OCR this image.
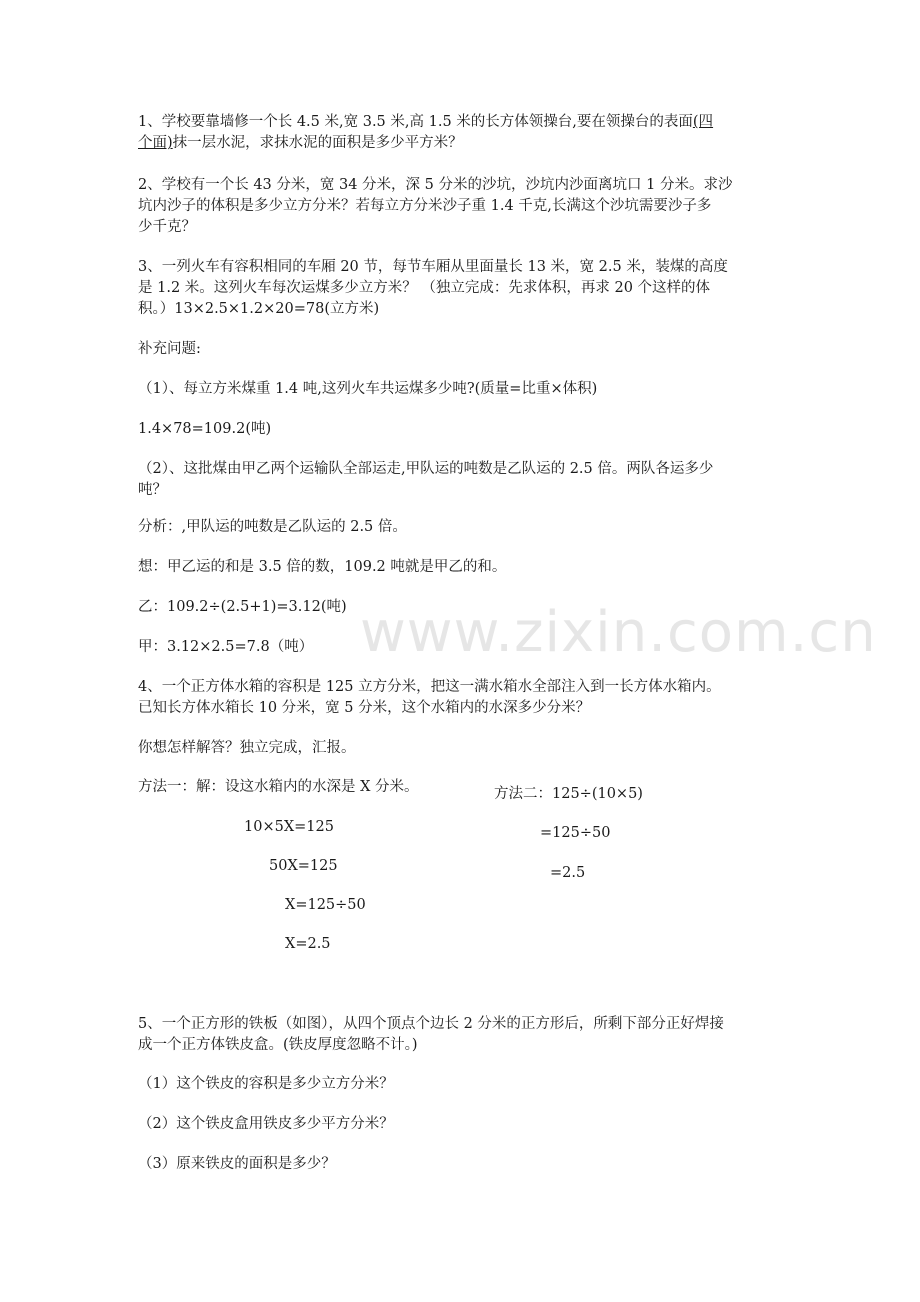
www.zixin.com.cn
1、学校要靠墙修一个长 4.5 米,宽 3.5 米,高 1.5 米的长方体领操台,要在领操台的表面(四
个面)抹一层水泥，求抹水泥的面积是多少平方米？
2、学校有一个长 43 分米，宽 34 分米，深 5 分米的沙坑，沙坑内沙面离坑口 1 分米。求沙
坑内沙子的体积是多少立方分米？若每立方分米沙子重 1.4 千克,长满这个沙坑需要沙子多
少千克？
3、一列火车有容积相同的车厢 20 节，每节车厢从里面量长 13 米，宽 2.5 米，装煤的高度
是 1.2 米。这列火车每次运煤多少立方米？ （独立完成：先求体积，再求 20 个这样的体
积。）13×2.5×1.2×20=78(立方米)
补充问题:
（1）、每立方米煤重 1.4 吨,这列火车共运煤多少吨?(质量=比重×体积)
1.4×78=109.2(吨)
（2）、这批煤由甲乙两个运输队全部运走,甲队运的吨数是乙队运的 2.5 倍。两队各运多少
吨？
分析：,甲队运的吨数是乙队运的 2.5 倍。
想：甲乙运的和是 3.5 倍的数，109.2 吨就是甲乙的和。
乙：109.2÷(2.5+1)=3.12(吨)
甲：3.12×2.5=7.8（吨）
4、一个正方体水箱的容积是 125 立方分米，把这一满水箱水全部注入到一长方体水箱内。
已知长方体水箱长 10 分米，宽 5 分米，这个水箱内的水深多少分米？
你想怎样解答？独立完成，汇报。
方法一：解：设这水箱内的水深是 X 分米。
10×5X=125
50X=125
X=125÷50
X=2.5
方法二：125÷(10×5)
=125÷50
=2.5
5、一个正方形的铁板（如图），从四个顶点个边长 2 分米的正方形后，所剩下部分正好焊接
成一个正方体铁皮盒。(铁皮厚度忽略不计。)
（1）这个铁皮的容积是多少立方分米？
（2）这个铁皮盒用铁皮多少平方分米？
（3）原来铁皮的面积是多少？
